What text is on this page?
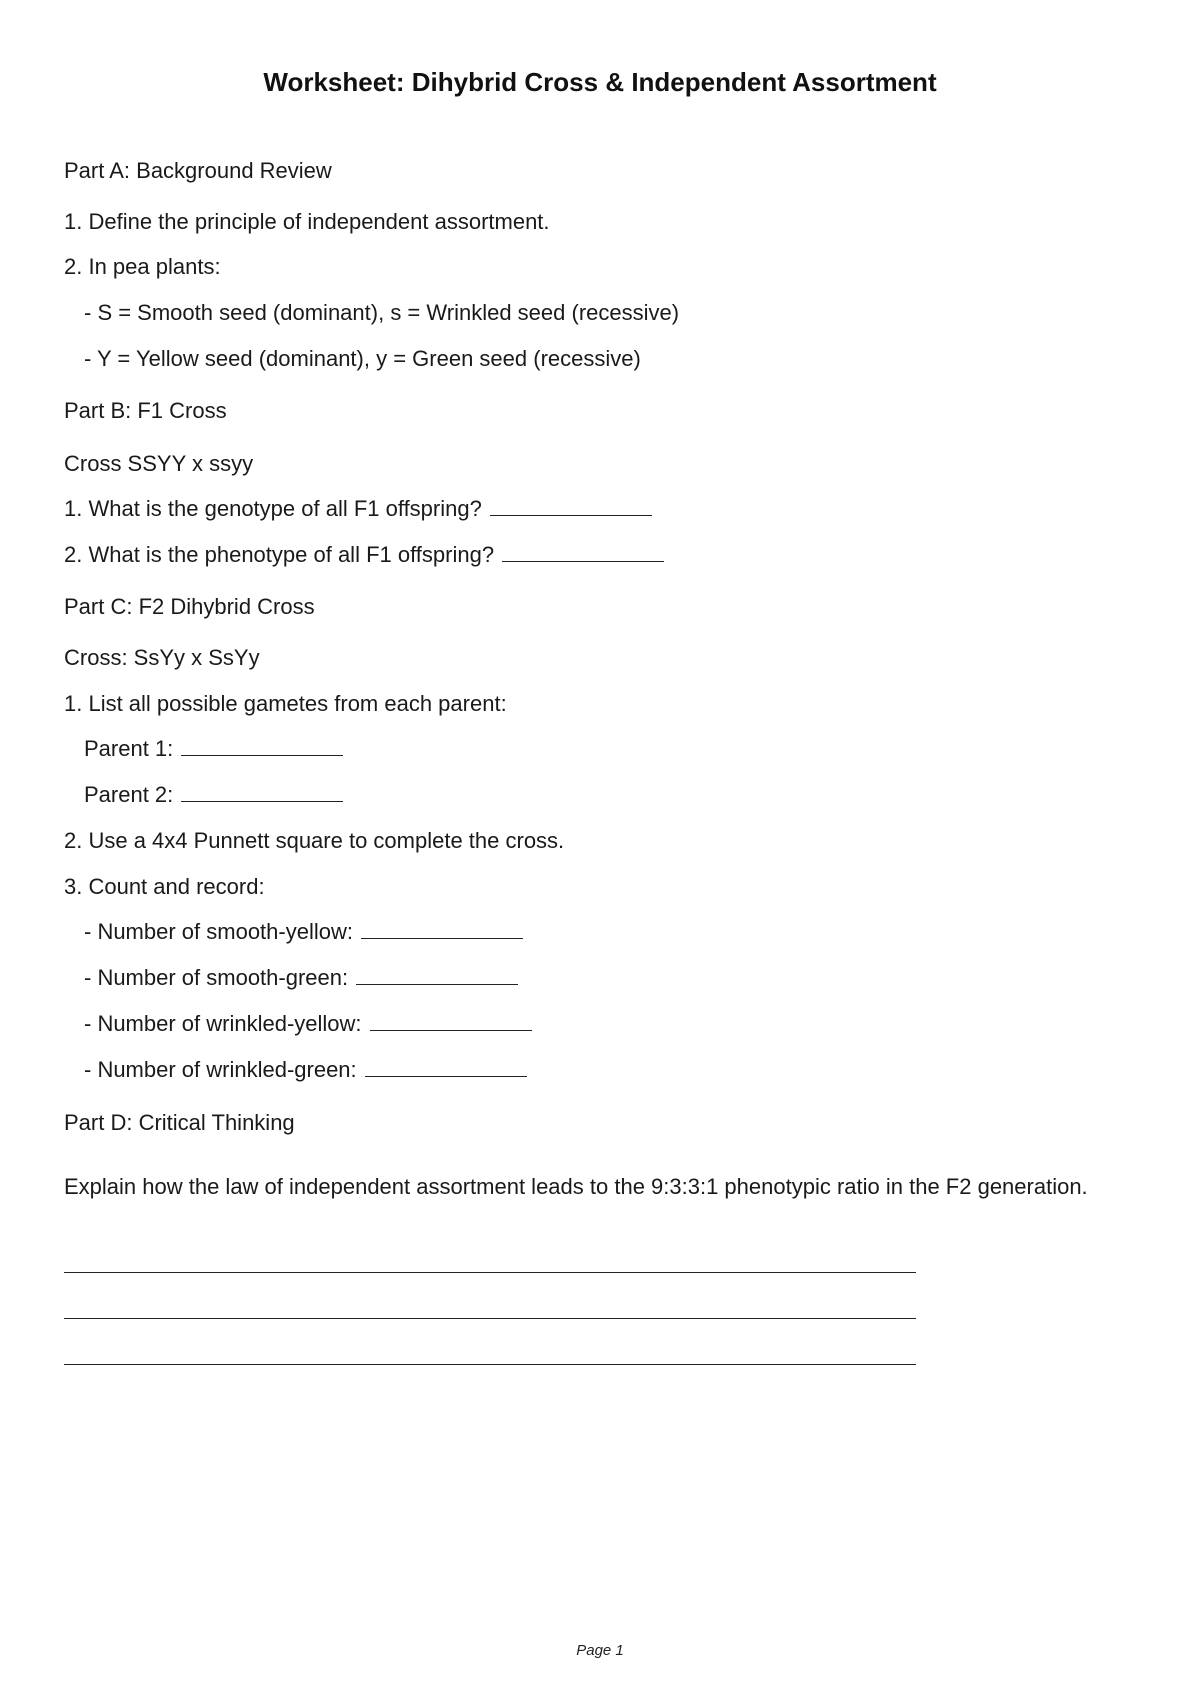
Worksheet: Dihybrid Cross & Independent Assortment
Part A: Background Review
1. Define the principle of independent assortment.
2. In pea plants:
- S = Smooth seed (dominant), s = Wrinkled seed (recessive)
- Y = Yellow seed (dominant), y = Green seed (recessive)
Part B: F1 Cross
Cross SSYY x ssyy
1. What is the genotype of all F1 offspring?
2. What is the phenotype of all F1 offspring?
Part C: F2 Dihybrid Cross
Cross: SsYy x SsYy
1. List all possible gametes from each parent:
Parent 1:
Parent 2:
2. Use a 4x4 Punnett square to complete the cross.
3. Count and record:
- Number of smooth-yellow:
- Number of smooth-green:
- Number of wrinkled-yellow:
- Number of wrinkled-green:
Part D: Critical Thinking
Explain how the law of independent assortment leads to the 9:3:3:1 phenotypic ratio in the F2 generation.
Page 1
